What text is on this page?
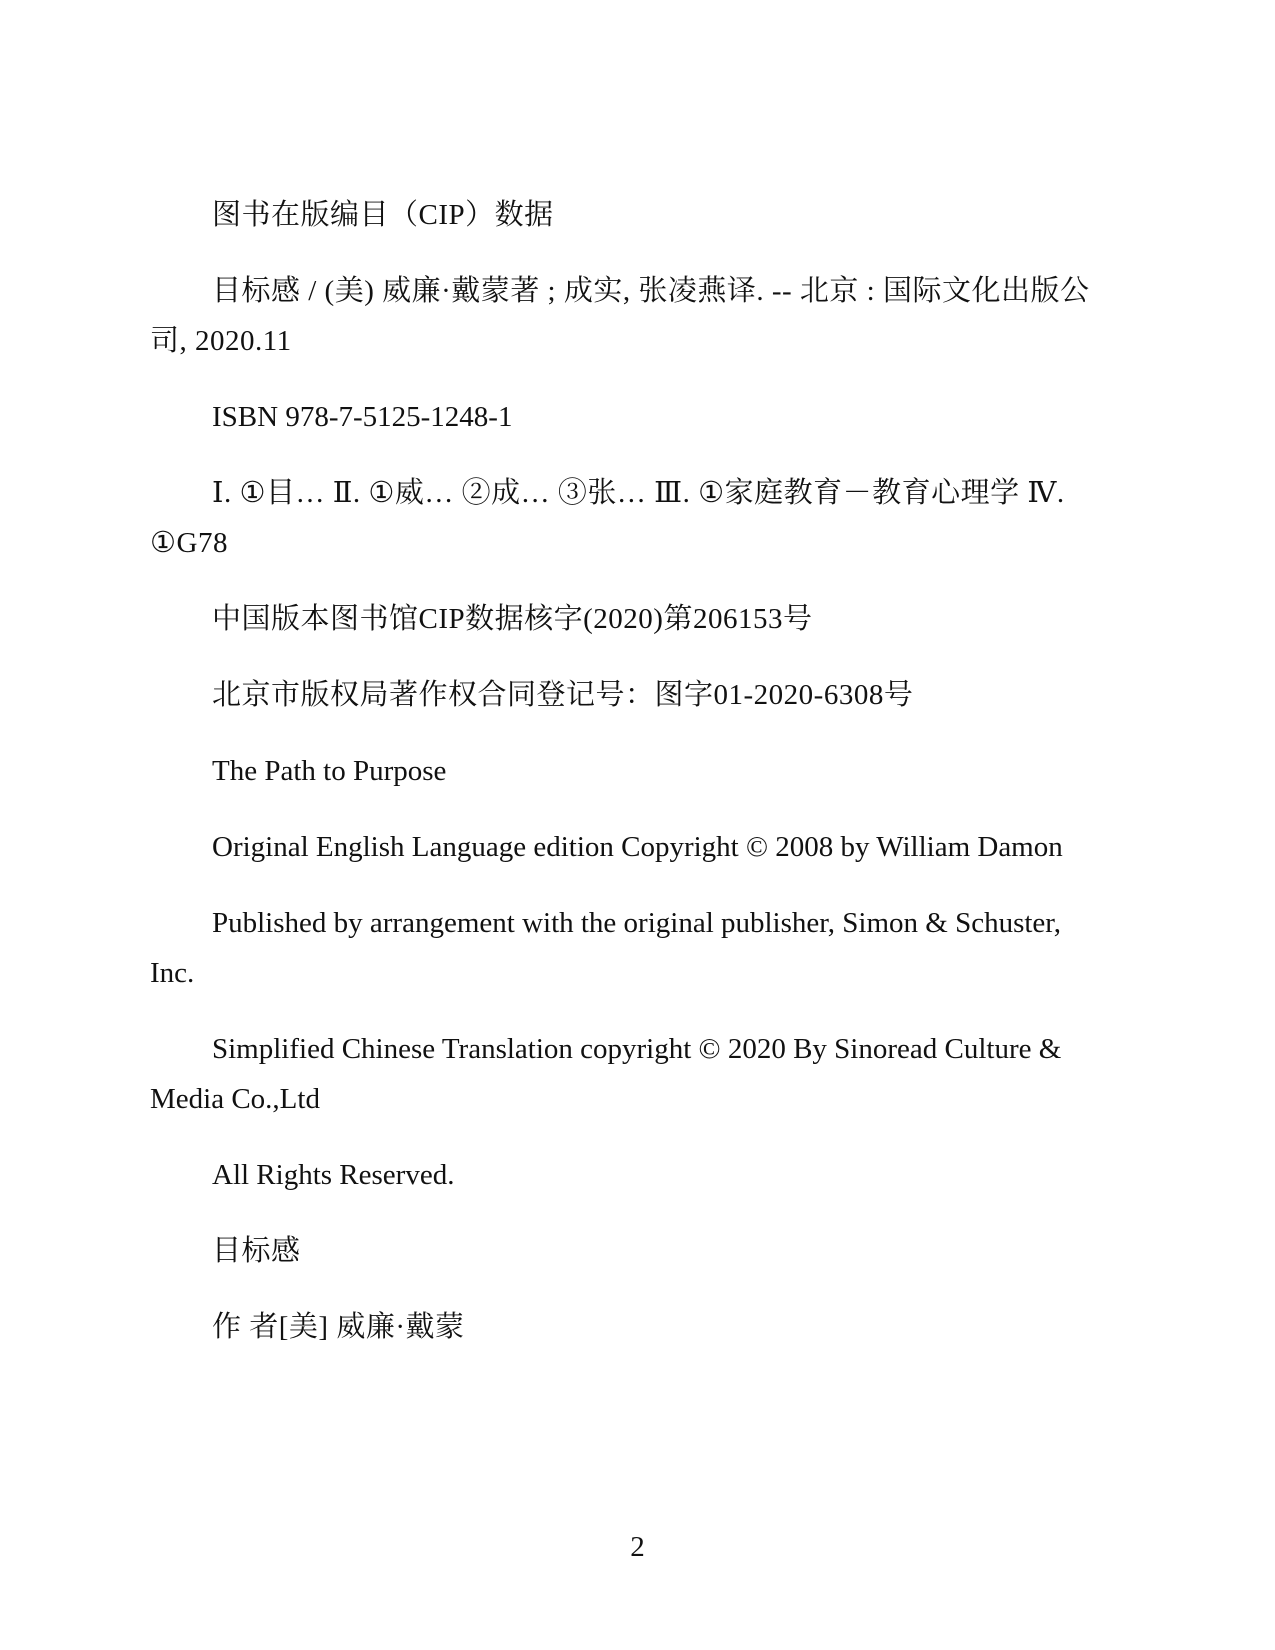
图书在版编目（CIP）数据

目标感 / (美) 威廉·戴蒙著 ; 成实, 张凌燕译. -- 北京 : 国际文化出版公司, 2020.11

ISBN 978-7-5125-1248-1

Ⅰ. ①目… Ⅱ. ①威… ②成… ③张… Ⅲ. ①家庭教育－教育心理学 Ⅳ. ①G78

中国版本图书馆CIP数据核字(2020)第206153号

北京市版权局著作权合同登记号：图字01-2020-6308号

The Path to Purpose

Original English Language edition Copyright © 2008 by William Damon

Published by arrangement with the original publisher, Simon & Schuster, Inc.

Simplified Chinese Translation copyright © 2020 By Sinoread Culture & Media Co.,Ltd

All Rights Reserved.

目标感

作 者[美] 威廉·戴蒙

2
